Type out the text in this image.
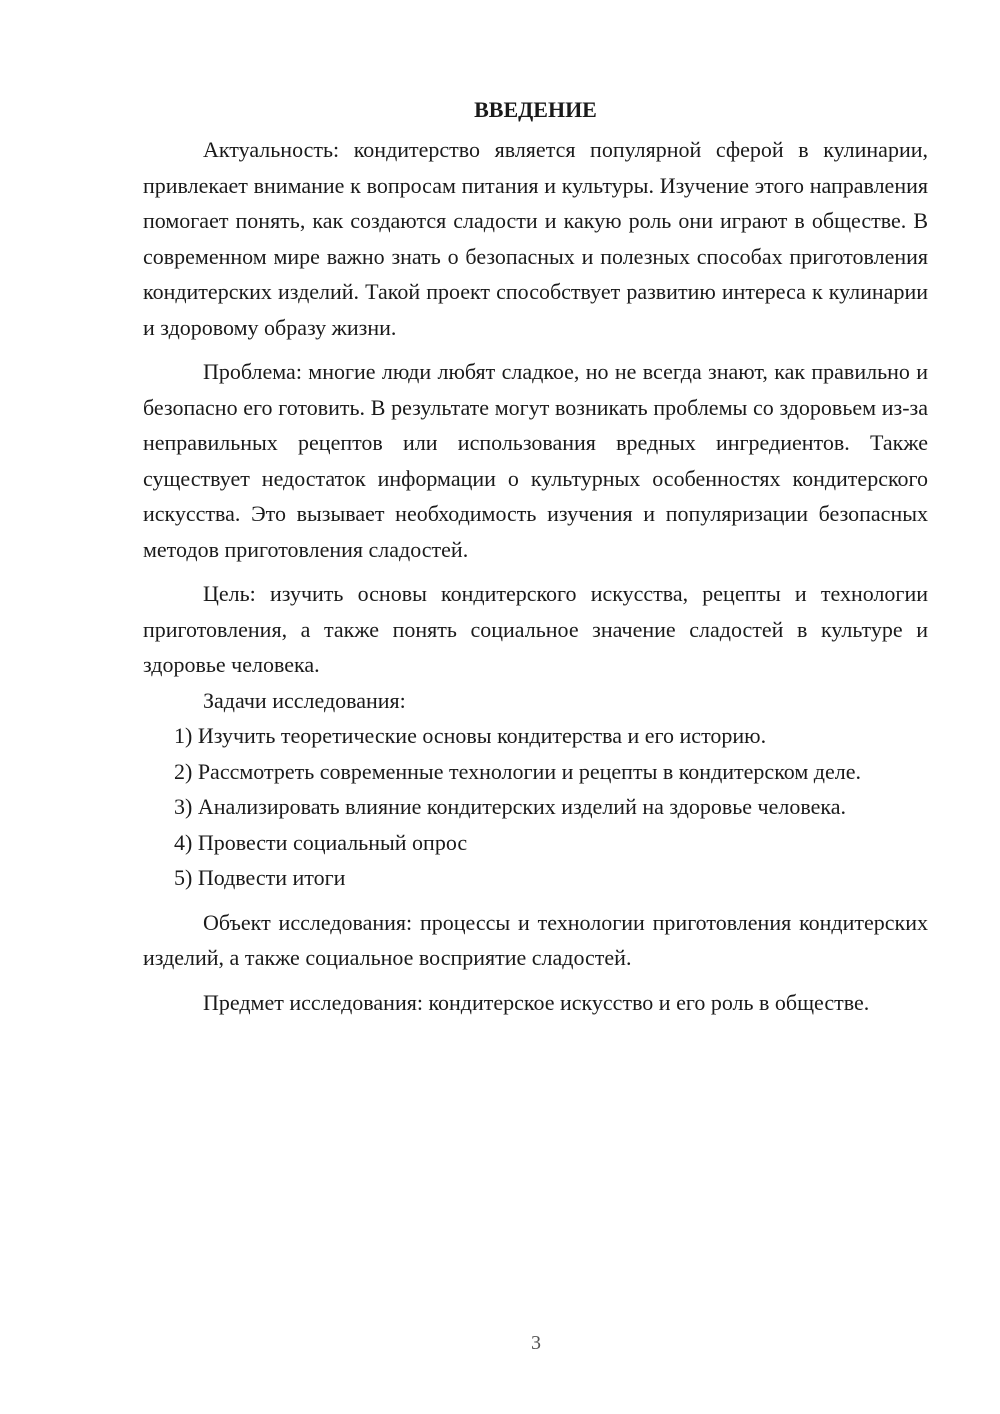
ВВЕДЕНИЕ

Актуальность: кондитерство является популярной сферой в кулинарии, привлекает внимание к вопросам питания и культуры. Изучение этого направления помогает понять, как создаются сладости и какую роль они играют в обществе. В современном мире важно знать о безопасных и полезных способах приготовления кондитерских изделий. Такой проект способствует развитию интереса к кулинарии и здоровому образу жизни.

Проблема: многие люди любят сладкое, но не всегда знают, как правильно и безопасно его готовить. В результате могут возникать проблемы со здоровьем из-за неправильных рецептов или использования вредных ингредиентов. Также существует недостаток информации о культурных особенностях кондитерского искусства. Это вызывает необходимость изучения и популяризации безопасных методов приготовления сладостей.

Цель: изучить основы кондитерского искусства, рецепты и технологии приготовления, а также понять социальное значение сладостей в культуре и здоровье человека.

Задачи исследования:

1) Изучить теоретические основы кондитерства и его историю.

2) Рассмотреть современные технологии и рецепты в кондитерском деле.

3) Анализировать влияние кондитерских изделий на здоровье человека.

4) Провести социальный опрос

5) Подвести итоги

Объект исследования: процессы и технологии приготовления кондитерских изделий, а также социальное восприятие сладостей.

Предмет исследования: кондитерское искусство и его роль в обществе.

3
